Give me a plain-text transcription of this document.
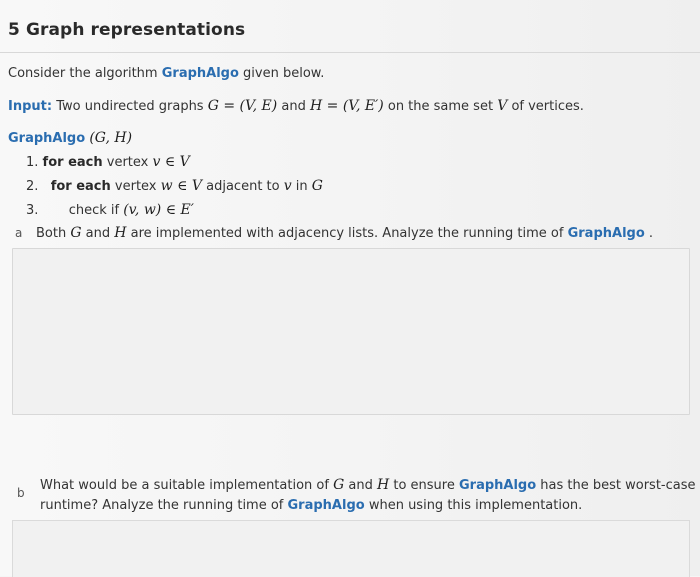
5 Graph representations
Consider the algorithm GraphAlgo given below.
Input: Two undirected graphs G = (V, E) and H = (V, E′) on the same set V of vertices.
GraphAlgo (G, H)
1. for each vertex v ∈ V
2. for each vertex w ∈ V adjacent to v in G
3. check if (v, w) ∈ E′
a Both G and H are implemented with adjacency lists. Analyze the running time of GraphAlgo .
b What would be a suitable implementation of G and H to ensure GraphAlgo has the best worst-case
runtime? Analyze the running time of GraphAlgo when using this implementation.
